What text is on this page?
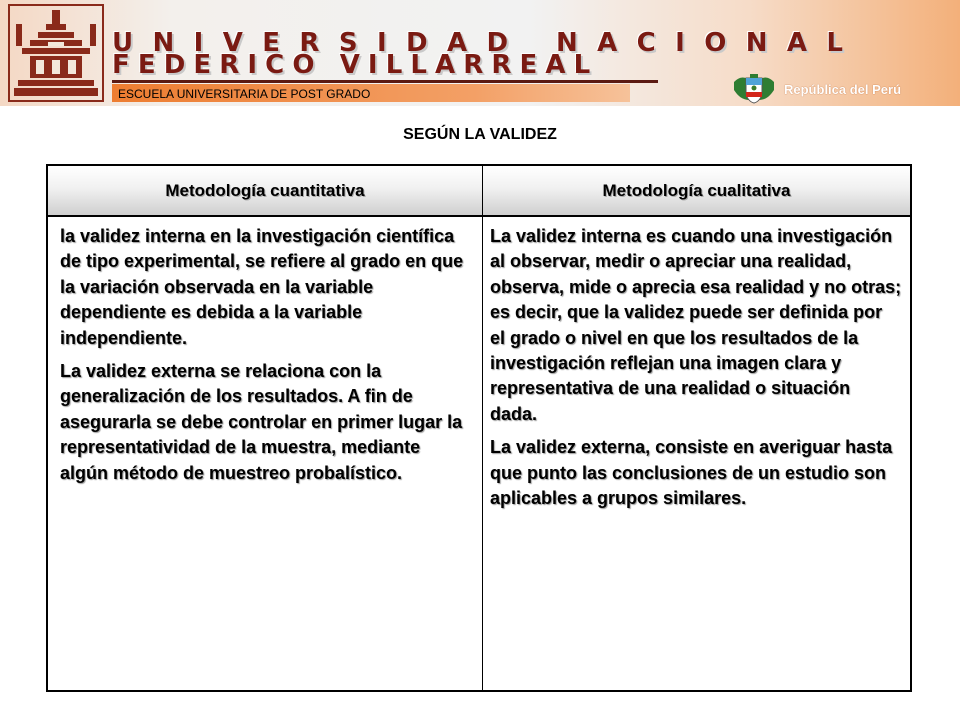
UNIVERSIDAD NACIONAL
FEDERICO VILLARREAL
ESCUELA UNIVERSITARIA DE POST GRADO	República del Perú
SEGÚN LA VALIDEZ
Metodología cuantitativa	Metodología cualitativa

la validez interna en la investigación científica de tipo experimental, se refiere al grado en que la variación observada en la variable dependiente es debida a la variable independiente.

La validez externa se relaciona con la generalización de los resultados. A fin de asegurarla se debe controlar en primer lugar la representatividad de la muestra, mediante algún método de muestreo probalístico.

La validez interna es cuando una investigación al observar, medir o apreciar una realidad, observa, mide o aprecia esa realidad y no otras; es decir, que la validez puede ser definida por el grado o nivel en que los resultados de la investigación reflejan una imagen clara y representativa de una realidad o situación dada.

La validez externa, consiste en averiguar hasta que punto las conclusiones de un estudio son aplicables a grupos similares.
